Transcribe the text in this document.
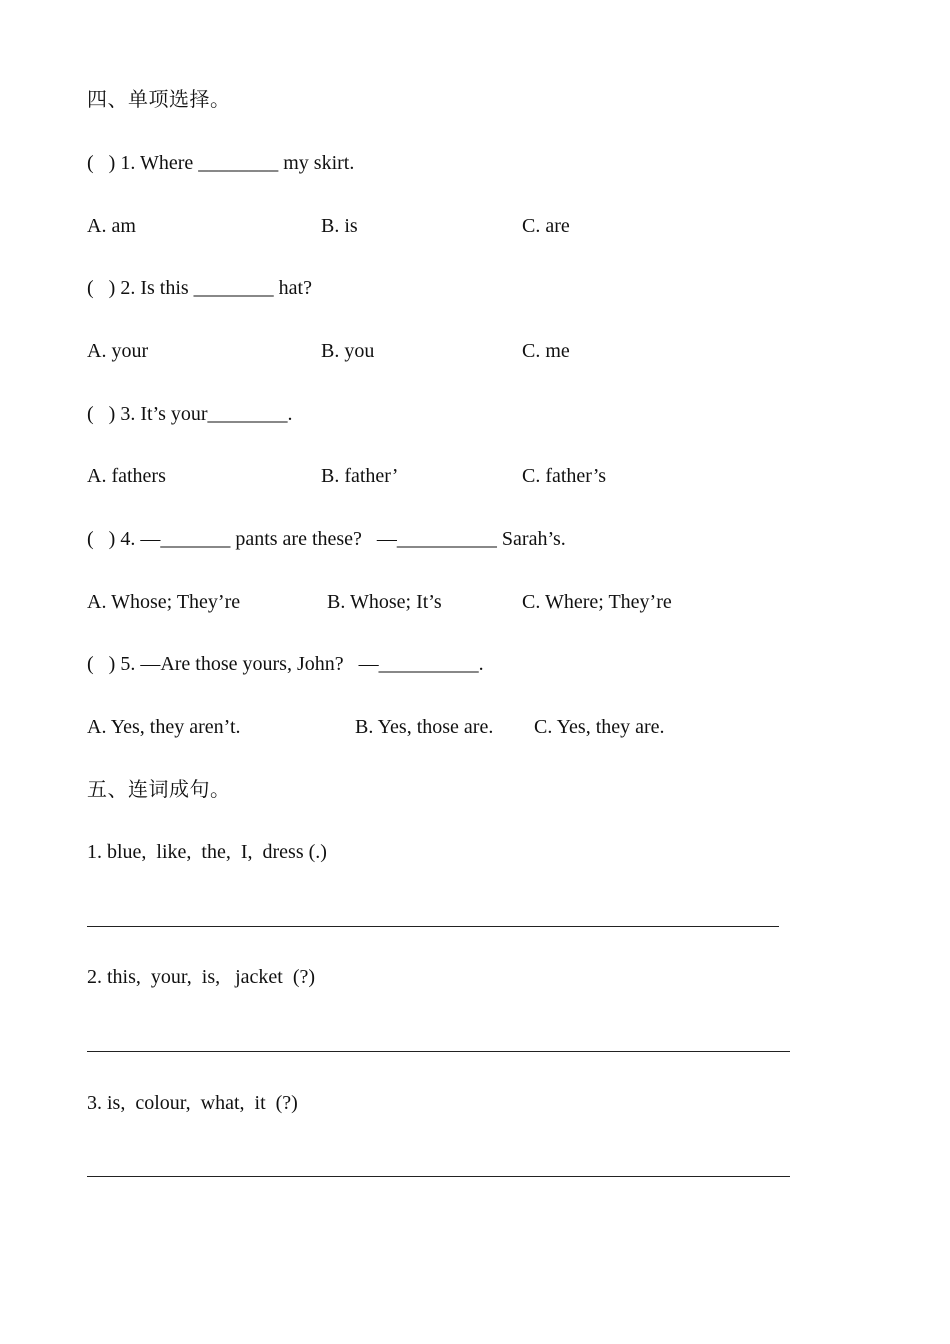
四、单项选择。
(   ) 1. Where ________ my skirt.
A. am	B. is	C. are
(   ) 2. Is this ________ hat?
A. your	B. you	C. me
(   ) 3. It’s your________.
A. fathers	B. father’	C. father’s
(   ) 4. —_______ pants are these?   —__________ Sarah’s.
A. Whose; They’re	B. Whose; It’s	C. Where; They’re
(   ) 5. —Are those yours, John?   —__________.
A. Yes, they aren’t.	B. Yes, those are. C. Yes, they are.
五、连词成句。
1. blue,  like,  the,  I,  dress (.)
2. this,  your,  is,   jacket  (?)
3. is,  colour,  what,  it  (?)
